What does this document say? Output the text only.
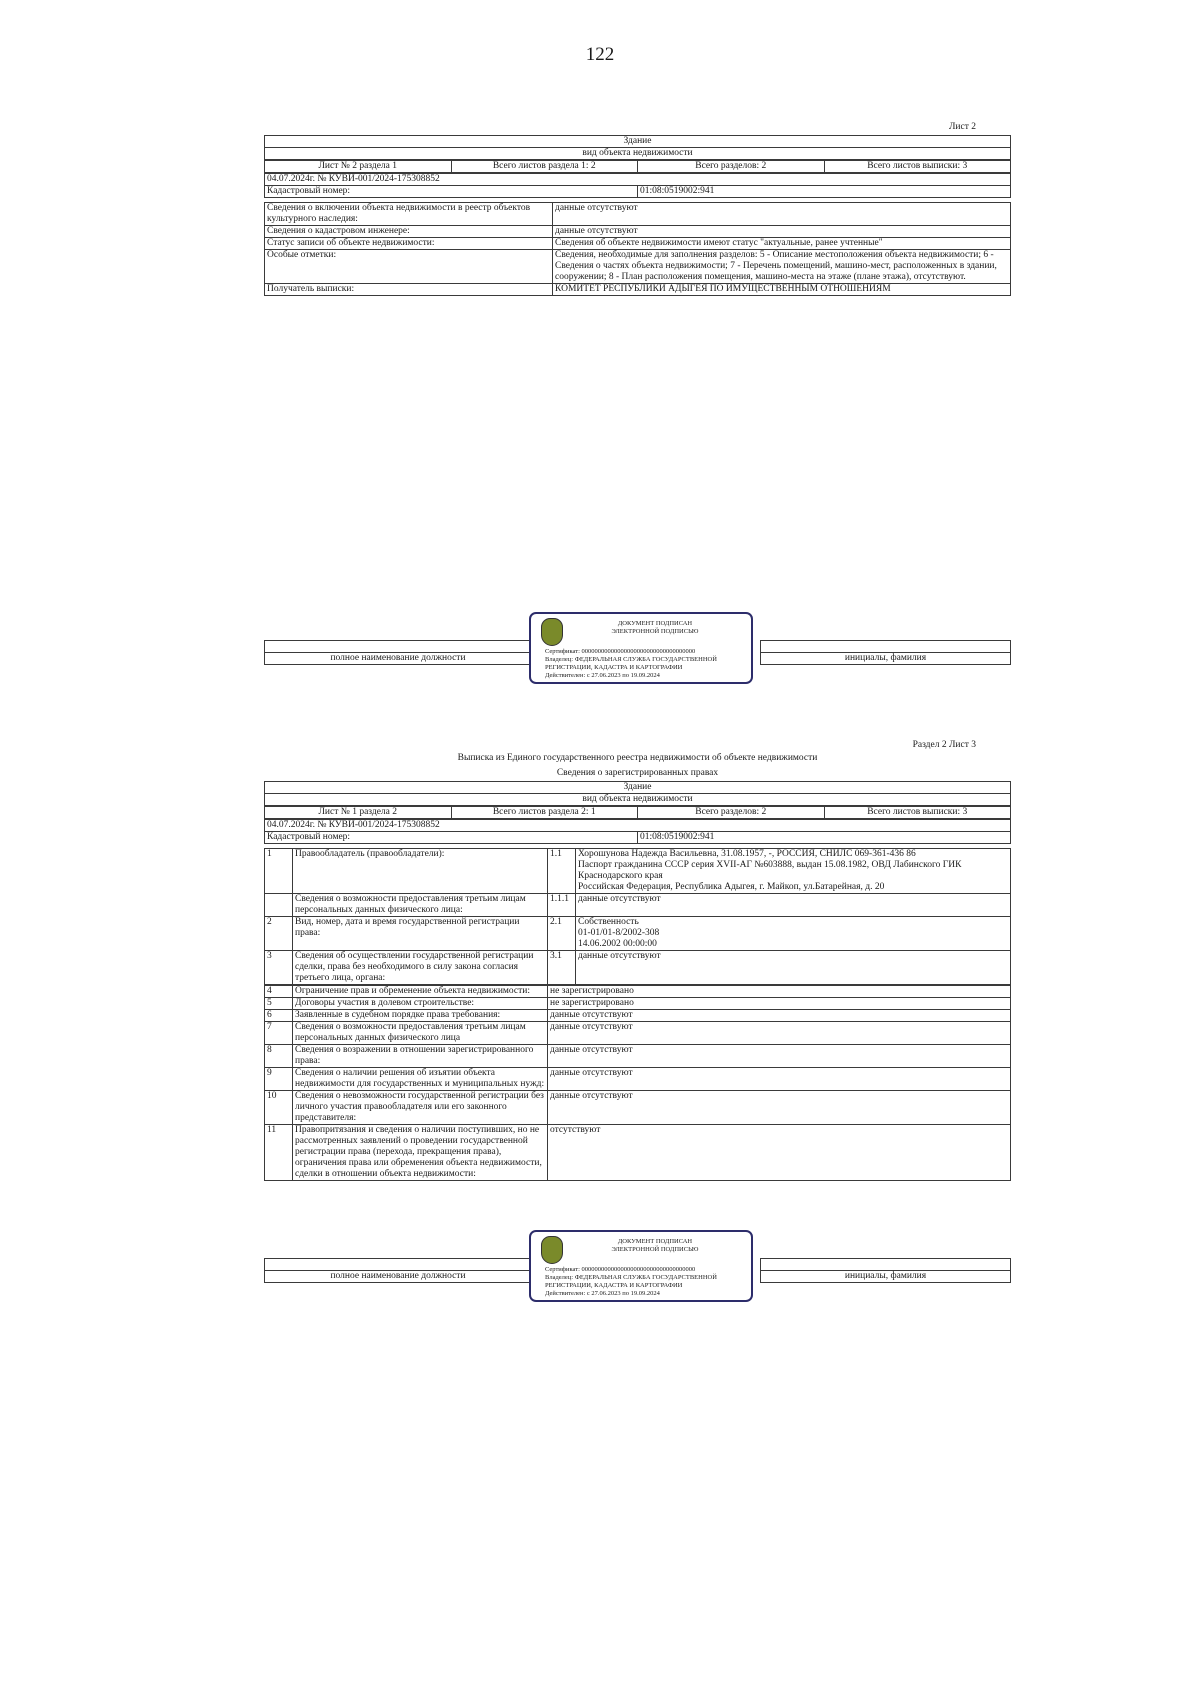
122
Лист 2
Здание
вид объекта недвижимости
Лист № 2 раздела 1	Всего листов раздела 1: 2	Всего разделов: 2	Всего листов выписки: 3
04.07.2024г. № КУВИ-001/2024-175308852
Кадастровый номер:	01:08:0519002:941
Сведения о включении объекта недвижимости в реестр объектов культурного наследия:	данные отсутствуют
Сведения о кадастровом инженере:	данные отсутствуют
Статус записи об объекте недвижимости:	Сведения об объекте недвижимости имеют статус "актуальные, ранее учтенные"
Особые отметки:	Сведения, необходимые для заполнения разделов: 5 - Описание местоположения объекта недвижимости; 6 - Сведения о частях объекта недвижимости; 7 - Перечень помещений, машино-мест, расположенных в здании, сооружении; 8 - План расположения помещения, машино-места на этаже (плане этажа), отсутствуют.
Получатель выписки:	КОМИТЕТ РЕСПУБЛИКИ АДЫГЕЯ ПО ИМУЩЕСТВЕННЫМ ОТНОШЕНИЯМ

полное наименование должности		инициалы, фамилия
ДОКУМЕНТ ПОДПИСАН
ЭЛЕКТРОННОЙ ПОДПИСЬЮ
Сертификат: 00000000000000000000000000000000000
Владелец: ФЕДЕРАЛЬНАЯ СЛУЖБА ГОСУДАРСТВЕННОЙ
РЕГИСТРАЦИИ, КАДАСТРА И КАРТОГРАФИИ
Действителен: с 27.06.2023 по 19.09.2024
Раздел 2 Лист 3
Выписка из Единого государственного реестра недвижимости об объекте недвижимости
Сведения о зарегистрированных правах
Здание
вид объекта недвижимости
Лист № 1 раздела 2	Всего листов раздела 2: 1	Всего разделов: 2	Всего листов выписки: 3
04.07.2024г. № КУВИ-001/2024-175308852
Кадастровый номер:	01:08:0519002:941
1	Правообладатель (правообладатели):	1.1	Хорошунова Надежда Васильевна, 31.08.1957, -, РОССИЯ, СНИЛС 069-361-436 86
Паспорт гражданина СССР серия XVII-АГ №603888, выдан 15.08.1982, ОВД Лабинского ГИК Краснодарского края
Российская Федерация, Республика Адыгея, г. Майкоп, ул.Батарейная, д. 20
	Сведения о возможности предоставления третьим лицам персональных данных физического лица:	1.1.1	данные отсутствуют
2	Вид, номер, дата и время государственной регистрации права:	2.1	Собственность
01-01/01-8/2002-308
14.06.2002 00:00:00
3	Сведения об осуществлении государственной регистрации сделки, права без необходимого в силу закона согласия третьего лица, органа:	3.1	данные отсутствуют
4	Ограничение прав и обременение объекта недвижимости:	не зарегистрировано
5	Договоры участия в долевом строительстве:	не зарегистрировано
6	Заявленные в судебном порядке права требования:	данные отсутствуют
7	Сведения о возможности предоставления третьим лицам персональных данных физического лица	данные отсутствуют
8	Сведения о возражении в отношении зарегистрированного права:	данные отсутствуют
9	Сведения о наличии решения об изъятии объекта недвижимости для государственных и муниципальных нужд:	данные отсутствуют
10	Сведения о невозможности государственной регистрации без личного участия правообладателя или его законного представителя:	данные отсутствуют
11	Правопритязания и сведения о наличии поступивших, но не рассмотренных заявлений о проведении государственной регистрации права (перехода, прекращения права), ограничения права или обременения объекта недвижимости, сделки в отношении объекта недвижимости:	отсутствуют

полное наименование должности		инициалы, фамилия
ДОКУМЕНТ ПОДПИСАН
ЭЛЕКТРОННОЙ ПОДПИСЬЮ
Сертификат: 00000000000000000000000000000000000
Владелец: ФЕДЕРАЛЬНАЯ СЛУЖБА ГОСУДАРСТВЕННОЙ
РЕГИСТРАЦИИ, КАДАСТРА И КАРТОГРАФИИ
Действителен: с 27.06.2023 по 19.09.2024
